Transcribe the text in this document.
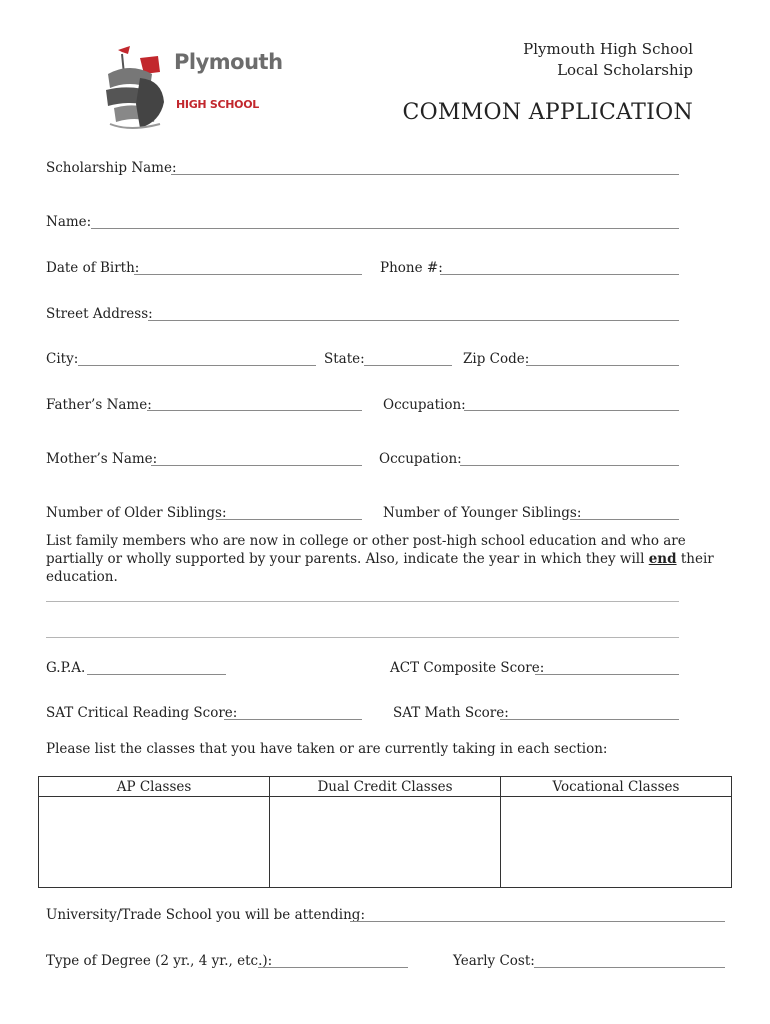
Plymouth
HIGH SCHOOL
Plymouth High School
Local Scholarship
COMMON APPLICATION
Scholarship Name:
Name:
Date of Birth:	Phone #:
Street Address:
City:	State:	Zip Code:
Father’s Name:	Occupation:
Mother’s Name:	Occupation:
Number of Older Siblings:	Number of Younger Siblings:
List family members who are now in college or other post-high school education and who are partially or wholly supported by your parents. Also, indicate the year in which they will end their education.
G.P.A.	ACT Composite Score:
SAT Critical Reading Score:	SAT Math Score:
Please list the classes that you have taken or are currently taking in each section:
AP Classes	Dual Credit Classes	Vocational Classes

University/Trade School you will be attending:
Type of Degree (2 yr., 4 yr., etc.):	Yearly Cost:
